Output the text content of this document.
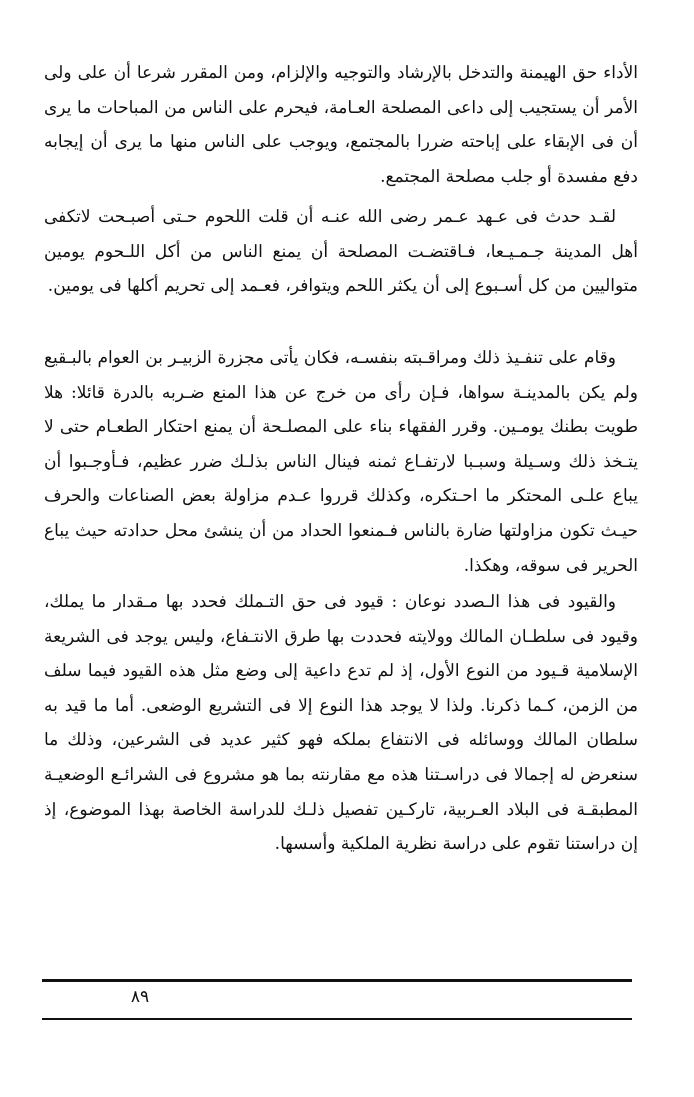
الأداء حق الهيمنة والتدخل بالإرشاد والتوجيه والإلزام، ومن المقرر شرعا أن على ولى الأمر أن يستجيب إلى داعى المصلحة العـامة، فيحرم على الناس من المباحات ما يرى أن فى الإبقاء على إباحته ضررا بالمجتمع، ويوجب على الناس منها ما يرى أن إيجابه دفع مفسدة أو جلب مصلحة المجتمع.

لقـد حدث فى عـهد عـمر رضى الله عنـه أن قلت اللحوم حـتى أصبـحت لاتكفى أهل المدينة جـمـيـعا، فـاقتضـت المصلحة أن يمنع الناس من أكل اللـحوم يومين متواليين من كل أسـبوع إلى أن يكثر اللحم ويتوافر، فعـمد إلى تحريم أكلها فى يومين.

وقام على تنفـيذ ذلك ومراقـبته بنفسـه، فكان يأتى مجزرة الزبيـر بن العوام بالبـقيع ولم يكن بالمدينـة سواها، فـإن رأى من خرج عن هذا المنع ضـربه بالدرة قائلا: هلا طويت بطنك يومـين. وقرر الفقهاء بناء على المصلـحة أن يمنع احتكار الطعـام حتى لا يتـخذ ذلك وسـيلة وسبـبا لارتفـاع ثمنه فينال الناس بذلـك ضرر عظيم، فـأوجـبوا أن يباع علـى المحتكر ما احـتكره، وكذلك قرروا عـدم مزاولة بعض الصناعات والحرف حيـث تكون مزاولتها ضارة بالناس فـمنعوا الحداد من أن ينشئ محل حدادته حيث يباع الحرير فى سوقه، وهكذا.

والقيود فى هذا الـصدد نوعان : قيود فى حق التـملك فحدد بها مـقدار ما يملك، وقيود فى سلطـان المالك وولايته فحددت بها طرق الانتـفاع، وليس يوجد فى الشريعة الإسلامية قـيود من النوع الأول، إذ لم تدع داعية إلى وضع مثل هذه القيود فيما سلف من الزمن، كـما ذكرنا. ولذا لا يوجد هذا النوع إلا فى التشريع الوضعى. أما ما قيد به سلطان المالك ووسائله فى الانتفاع بملكه فهو كثير عديد فى الشرعين، وذلك ما سنعرض له إجمالا فى دراسـتنا هذه مع مقارنته بما هو مشروع فى الشرائـع الوضعيـة المطبقـة فى البلاد العـربية، تاركـين تفصيل ذلـك للدراسة الخاصة بهذا الموضوع، إذ إن دراستنا تقوم على دراسة نظرية الملكية وأسسها.

٨٩
